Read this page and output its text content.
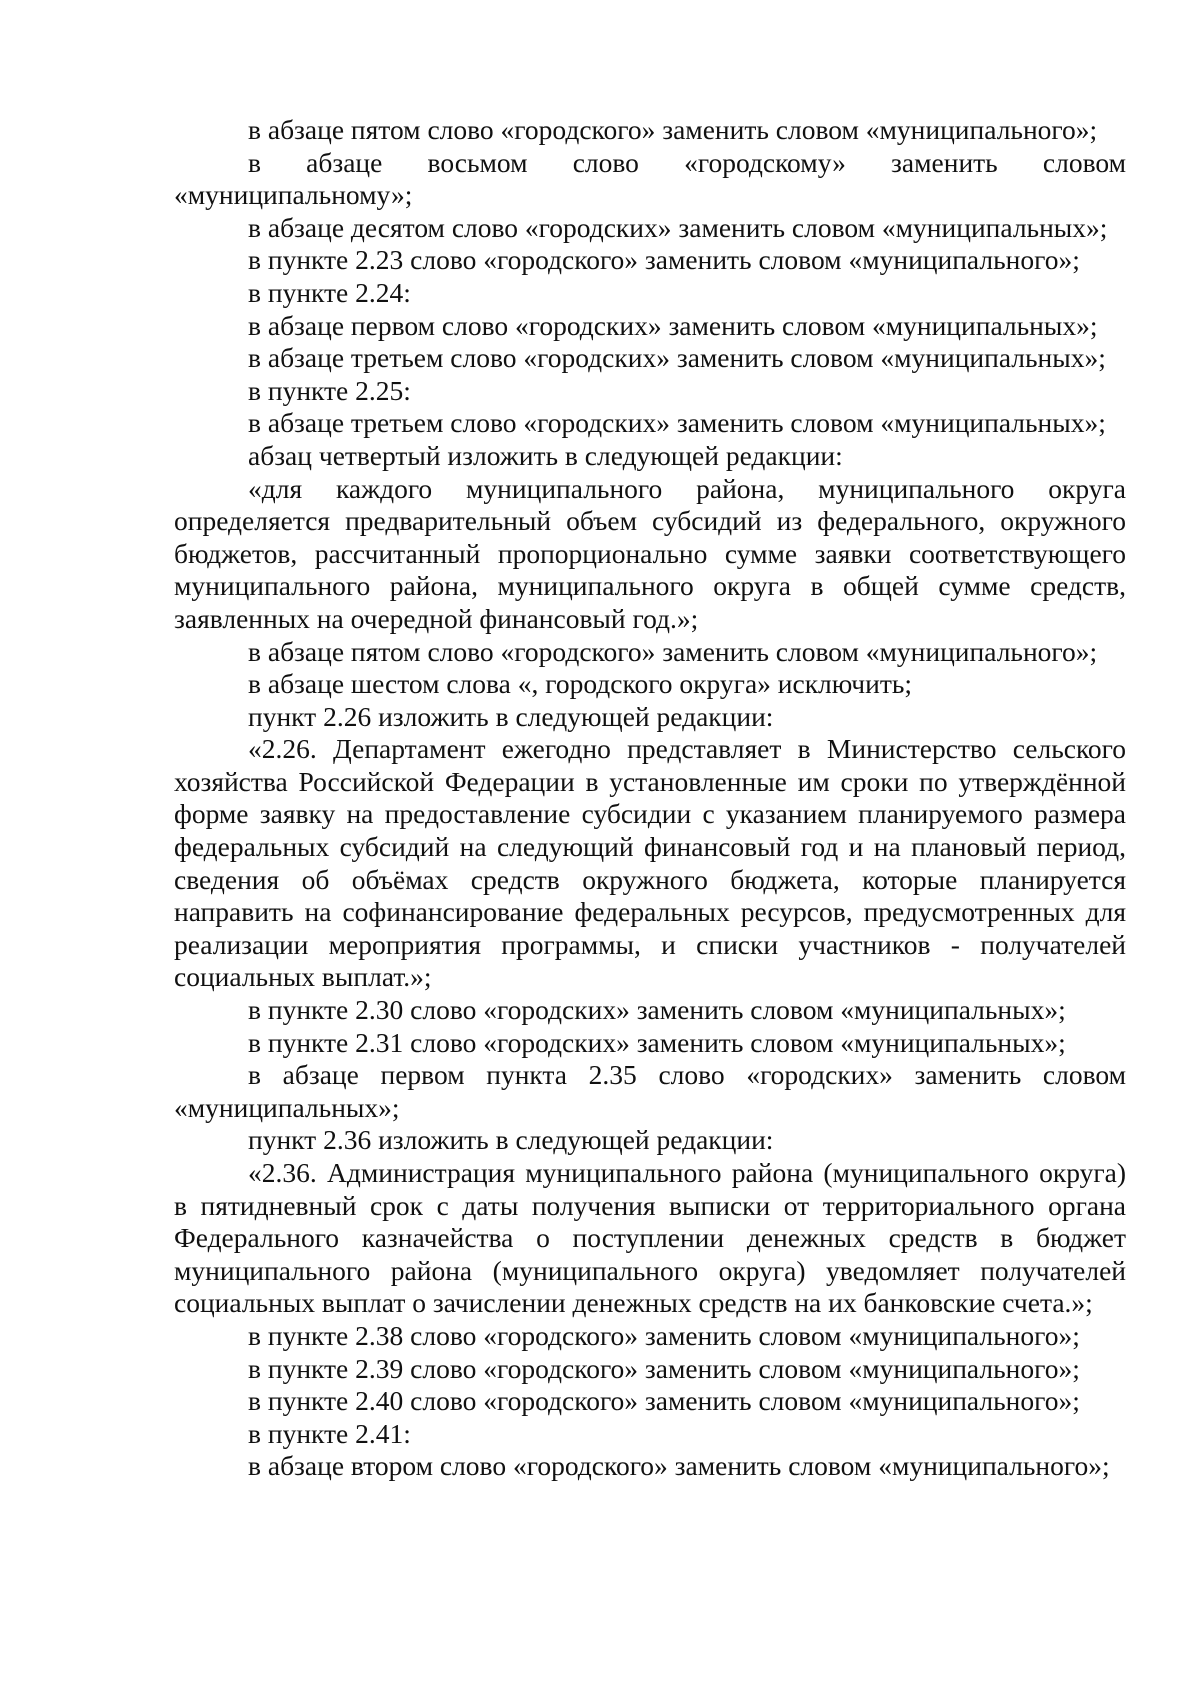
в абзаце пятом слово «городского» заменить словом «муниципального»;

в абзаце восьмом слово «городскому» заменить словом «муниципальному»;

в абзаце десятом слово «городских» заменить словом «муниципальных»;

в пункте 2.23 слово «городского» заменить словом «муниципального»;

в пункте 2.24:

в абзаце первом слово «городских» заменить словом «муниципальных»;

в абзаце третьем слово «городских» заменить словом «муниципальных»;

в пункте 2.25:

в абзаце третьем слово «городских» заменить словом «муниципальных»;

абзац четвертый изложить в следующей редакции:

«для каждого муниципального района, муниципального округа определяется предварительный объем субсидий из федерального, окружного бюджетов, рассчитанный пропорционально сумме заявки соответствующего муниципального района, муниципального округа в общей сумме средств, заявленных на очередной финансовый год.»;

в абзаце пятом слово «городского» заменить словом «муниципального»;

в абзаце шестом слова «, городского округа» исключить;

пункт 2.26 изложить в следующей редакции:

«2.26. Департамент ежегодно представляет в Министерство сельского хозяйства Российской Федерации в установленные им сроки по утверждённой форме заявку на предоставление субсидии с указанием планируемого размера федеральных субсидий на следующий финансовый год и на плановый период, сведения об объёмах средств окружного бюджета, которые планируется направить на софинансирование федеральных ресурсов, предусмотренных для реализации мероприятия программы, и списки участников - получателей социальных выплат.»;

в пункте 2.30 слово «городских» заменить словом «муниципальных»;

в пункте 2.31 слово «городских» заменить словом «муниципальных»;

в абзаце первом пункта 2.35 слово «городских» заменить словом «муниципальных»;

пункт 2.36 изложить в следующей редакции:

«2.36. Администрация муниципального района (муниципального округа) в пятидневный срок с даты получения выписки от территориального органа Федерального казначейства о поступлении денежных средств в бюджет муниципального района (муниципального округа) уведомляет получателей социальных выплат о зачислении денежных средств на их банковские счета.»;

в пункте 2.38 слово «городского» заменить словом «муниципального»;

в пункте 2.39 слово «городского» заменить словом «муниципального»;

в пункте 2.40 слово «городского» заменить словом «муниципального»;

в пункте 2.41:

в абзаце втором слово «городского» заменить словом «муниципального»;
